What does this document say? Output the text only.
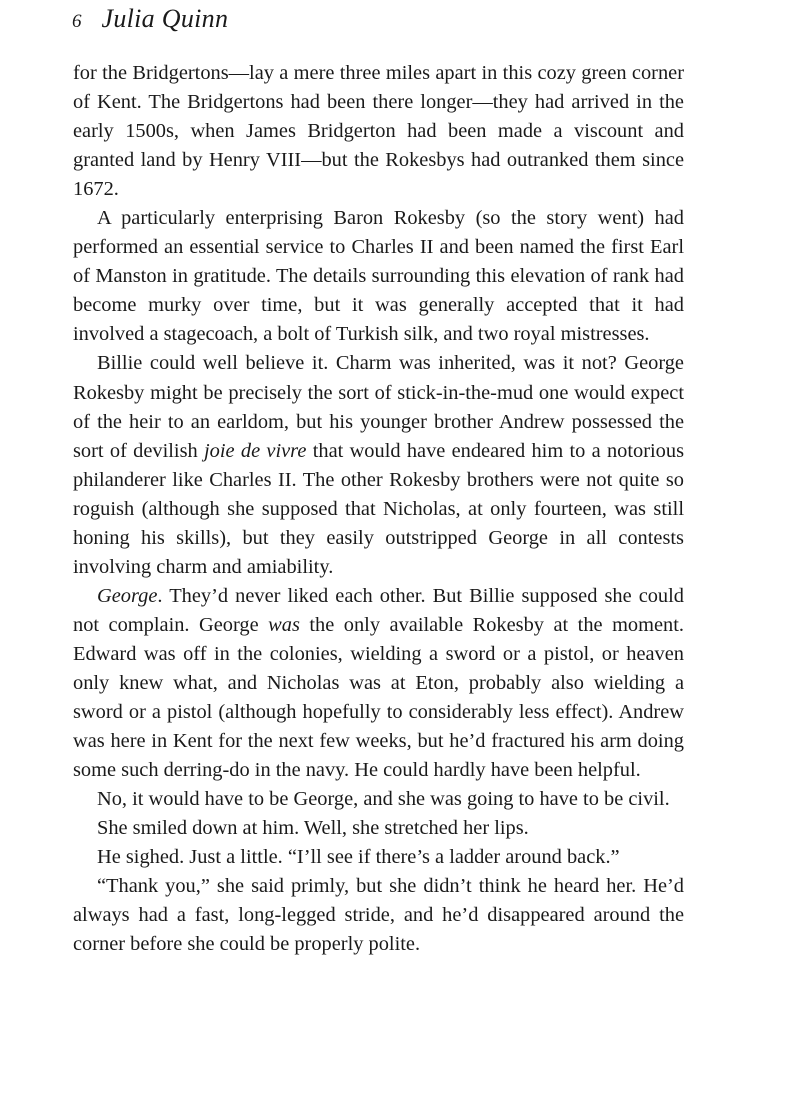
6 Julia Quinn

for the Bridgertons—lay a mere three miles apart in this cozy green corner of Kent. The Bridgertons had been there longer—they had arrived in the early 1500s, when James Bridgerton had been made a viscount and granted land by Henry VIII—but the Rokesbys had outranked them since 1672.

A particularly enterprising Baron Rokesby (so the story went) had performed an essential service to Charles II and been named the first Earl of Manston in gratitude. The details surrounding this elevation of rank had become murky over time, but it was generally accepted that it had involved a stagecoach, a bolt of Turkish silk, and two royal mistresses.

Billie could well believe it. Charm was inherited, was it not? George Rokesby might be precisely the sort of stick-in-the-mud one would expect of the heir to an earldom, but his younger brother Andrew possessed the sort of devilish joie de vivre that would have endeared him to a notorious philanderer like Charles II. The other Rokesby brothers were not quite so roguish (although she supposed that Nicholas, at only fourteen, was still honing his skills), but they easily outstripped George in all contests involving charm and amiability.

George. They’d never liked each other. But Billie supposed she could not complain. George was the only available Rokesby at the moment. Edward was off in the colonies, wielding a sword or a pistol, or heaven only knew what, and Nicholas was at Eton, probably also wielding a sword or a pistol (although hopefully to considerably less effect). Andrew was here in Kent for the next few weeks, but he’d fractured his arm doing some such derring-do in the navy. He could hardly have been helpful.

No, it would have to be George, and she was going to have to be civil.

She smiled down at him. Well, she stretched her lips.

He sighed. Just a little. “I’ll see if there’s a ladder around back.”

“Thank you,” she said primly, but she didn’t think he heard her. He’d always had a fast, long-legged stride, and he’d disappeared around the corner before she could be properly polite.
